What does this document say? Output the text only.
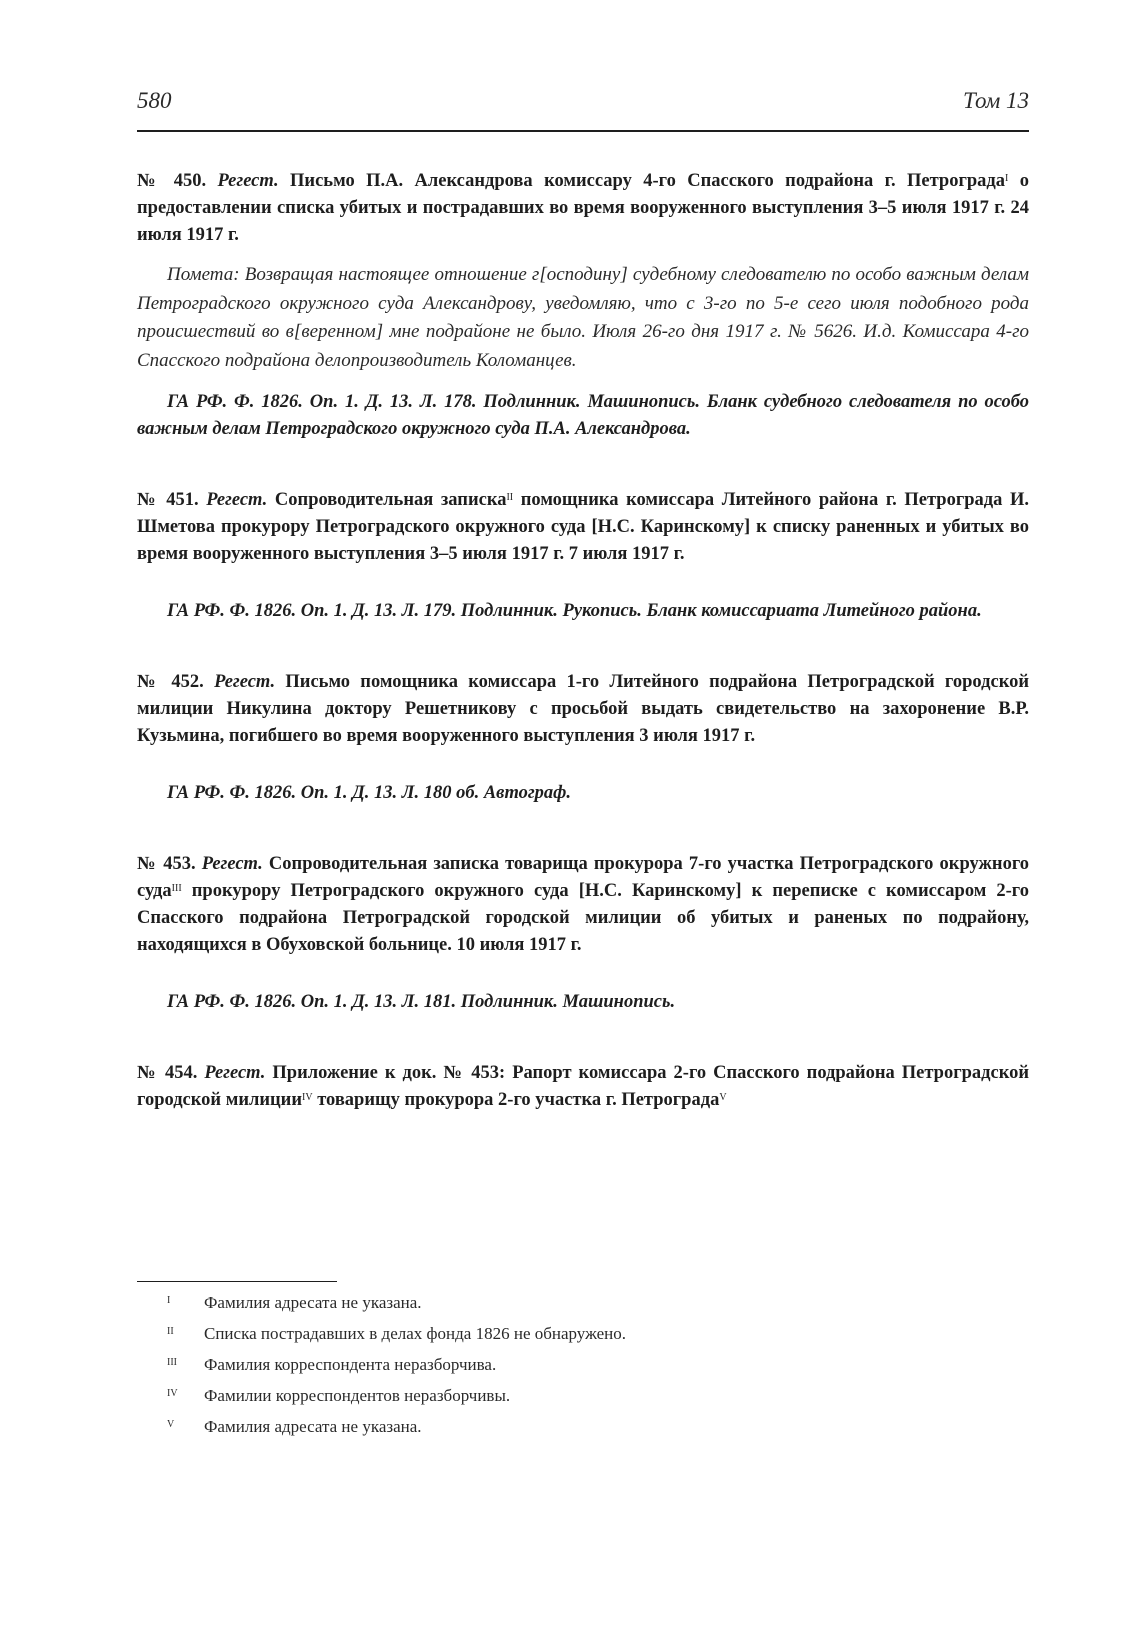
580	Том 13

№ 450. Регест. Письмо П.А. Александрова комиссару 4-го Спасского подрайона г. Петрограда$^I$ о предоставлении списка убитых и пострадавших во время вооруженного выступления 3–5 июля 1917 г. 24 июля 1917 г.

Помета: Возвращая настоящее отношение г[осподину] судебному следователю по особо важным делам Петроградского окружного суда Александрову, уведомляю, что с 3-го по 5-е сего июля подобного рода происшествий во в[веренном] мне подрайоне не было. Июля 26-го дня 1917 г. № 5626. И.д. Комиссара 4-го Спасского подрайона делопроизводитель Коломанцев.

ГА РФ. Ф. 1826. Оп. 1. Д. 13. Л. 178. Подлинник. Машинопись. Бланк судебного следователя по особо важным делам Петроградского окружного суда П.А. Александрова.

№ 451. Регест. Сопроводительная записка$^{II}$ помощника комиссара Литейного района г. Петрограда И. Шметова прокурору Петроградского окружного суда [Н.С. Каринскому] к списку раненных и убитых во время вооруженного выступления 3–5 июля 1917 г. 7 июля 1917 г.

ГА РФ. Ф. 1826. Оп. 1. Д. 13. Л. 179. Подлинник. Рукопись. Бланк комиссариата Литейного района.

№ 452. Регест. Письмо помощника комиссара 1-го Литейного подрайона Петроградской городской милиции Никулина доктору Решетникову с просьбой выдать свидетельство на захоронение В.Р. Кузьмина, погибшего во время вооруженного выступления 3 июля 1917 г.

ГА РФ. Ф. 1826. Оп. 1. Д. 13. Л. 180 об. Автограф.

№ 453. Регест. Сопроводительная записка товарища прокурора 7-го участка Петроградского окружного суда$^{III}$ прокурору Петроградского окружного суда [Н.С. Каринскому] к переписке с комиссаром 2-го Спасского подрайона Петроградской городской милиции об убитых и раненых по подрайону, находящихся в Обуховской больнице. 10 июля 1917 г.

ГА РФ. Ф. 1826. Оп. 1. Д. 13. Л. 181. Подлинник. Машинопись.

№ 454. Регест. Приложение к док. № 453: Рапорт комиссара 2-го Спасского подрайона Петроградской городской милиции$^{IV}$ товарищу прокурора 2-го участка г. Петрограда$^V$

I	Фамилия адресата не указана.
II	Списка пострадавших в делах фонда 1826 не обнаружено.
III	Фамилия корреспондента неразборчива.
IV	Фамилии корреспондентов неразборчивы.
V	Фамилия адресата не указана.
